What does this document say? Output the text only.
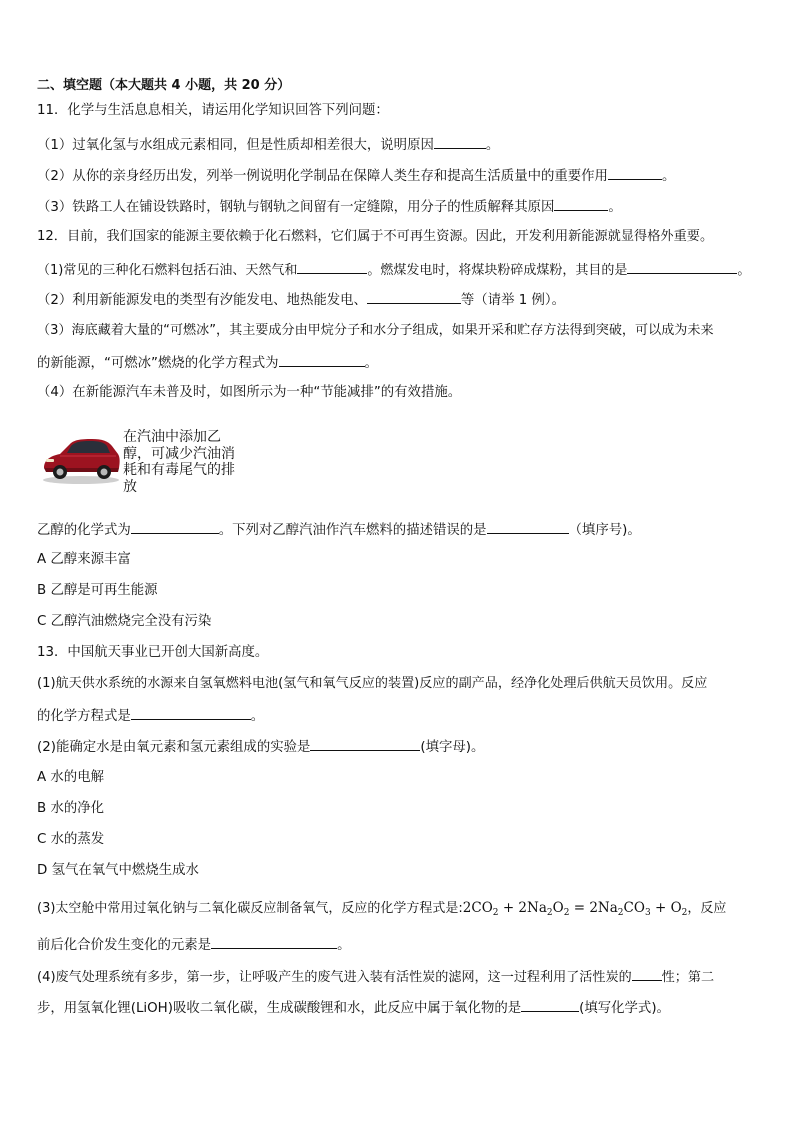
二、填空题（本大题共 4 小题，共 20 分）
11．化学与生活息息相关，请运用化学知识回答下列问题：
（1）过氧化氢与水组成元素相同，但是性质却相差很大，说明原因	。
（2）从你的亲身经历出发，列举一例说明化学制品在保障人类生存和提高生活质量中的重要作用	。
（3）铁路工人在铺设铁路时，钢轨与钢轨之间留有一定缝隙，用分子的性质解释其原因	。
12．目前，我们国家的能源主要依赖于化石燃料，它们属于不可再生资源。因此，开发利用新能源就显得格外重要。
（1)常见的三种化石燃料包括石油、天然气和	。燃煤发电时，将煤块粉碎成煤粉，其目的是	。
（2）利用新能源发电的类型有汐能发电、地热能发电、	等（请举 1 例）。
（3）海底藏着大量的“可燃冰”，其主要成分由甲烷分子和水分子组成，如果开采和贮存方法得到突破，可以成为未来
的新能源，“可燃冰”燃烧的化学方程式为	。
（4）在新能源汽车未普及时，如图所示为一种“节能减排”的有效措施。
在汽油中添加乙醇，可减少汽油消耗和有毒尾气的排放
乙醇的化学式为	。下列对乙醇汽油作汽车燃料的描述错误的是	（填序号)。
A 乙醇来源丰富
B 乙醇是可再生能源
C 乙醇汽油燃烧完全没有污染
13．中国航天事业已开创大国新高度。
(1)航天供水系统的水源来自氢氧燃料电池(氢气和氧气反应的装置)反应的副产品，经净化处理后供航天员饮用。反应
的化学方程式是	。
(2)能确定水是由氧元素和氢元素组成的实验是	(填字母)。
A 水的电解
B 水的净化
C 水的蒸发
D 氢气在氧气中燃烧生成水
(3)太空舱中常用过氧化钠与二氧化碳反应制备氧气，反应的化学方程式是$:2CO_2 + 2Na_2O_2 = 2Na_2CO_3 + O_2$，反应
前后化合价发生变化的元素是	。
(4)废气处理系统有多步，第一步，让呼吸产生的废气进入装有活性炭的滤网，这一过程利用了活性炭的 性；第二
步，用氢氧化锂(LiOH)吸收二氧化碳，生成碳酸锂和水，此反应中属于氧化物的是	(填写化学式)。
